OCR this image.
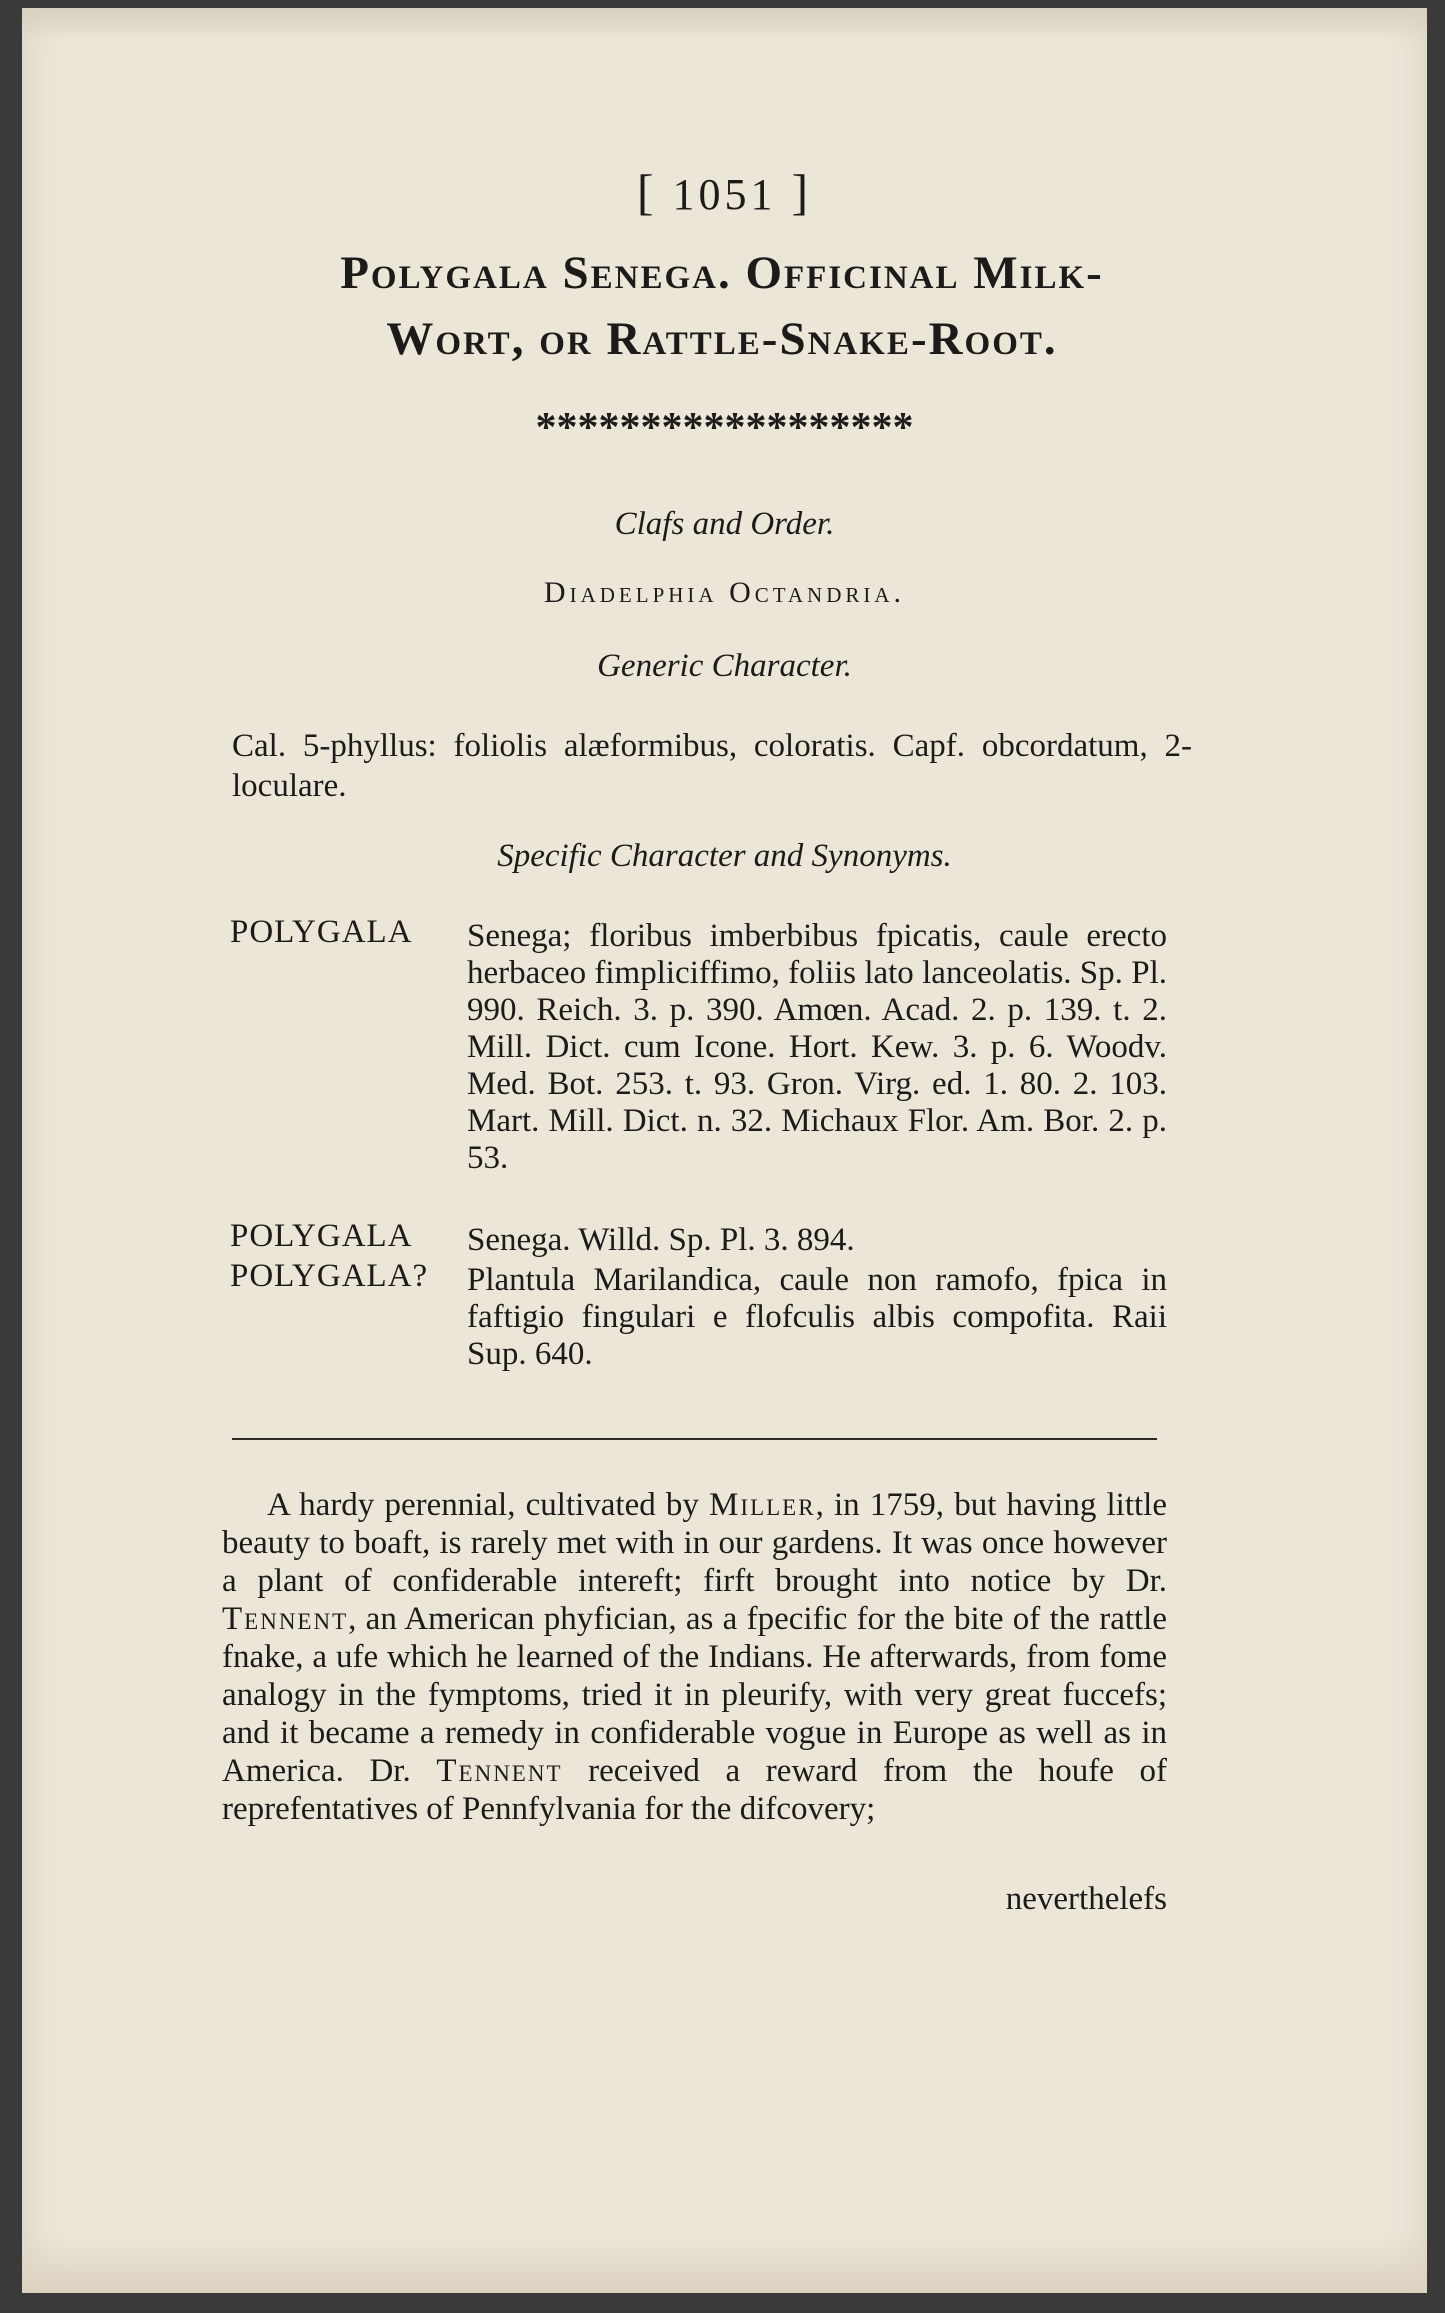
[ 1051 ]
Polygala Senega. Officinal Milk-
Wort, or Rattle-Snake-Root.
******************
Clafs and Order.
Diadelphia Octandria.
Generic Character.
Cal. 5-phyllus: foliolis alæformibus, coloratis. Capf. obcordatum, 2-loculare.
Specific Character and Synonyms.
POLYGALA Senega; floribus imberbibus fpicatis, caule erecto herbaceo fimpliciffimo, foliis lato lanceolatis. Sp. Pl. 990. Reich. 3. p. 390. Amœn. Acad. 2. p. 139. t. 2. Mill. Dict. cum Icone. Hort. Kew. 3. p. 6. Woodv. Med. Bot. 253. t. 93. Gron. Virg. ed. 1. 80. 2. 103. Mart. Mill. Dict. n. 32. Michaux Flor. Am. Bor. 2. p. 53.
POLYGALA Senega. Willd. Sp. Pl. 3. 894.
POLYGALA? Plantula Marilandica, caule non ramofo, fpica in faftigio fingulari e flofculis albis compofita. Raii Sup. 640.

A hardy perennial, cultivated by Miller, in 1759, but having little beauty to boaft, is rarely met with in our gardens. It was once however a plant of confiderable intereft; firft brought into notice by Dr. Tennent, an American phyfician, as a fpecific for the bite of the rattle fnake, a ufe which he learned of the Indians. He afterwards, from fome analogy in the fymptoms, tried it in pleurify, with very great fuccefs; and it became a remedy in confiderable vogue in Europe as well as in America. Dr. Tennent received a reward from the houfe of reprefentatives of Pennfylvania for the difcovery;

neverthelefs
